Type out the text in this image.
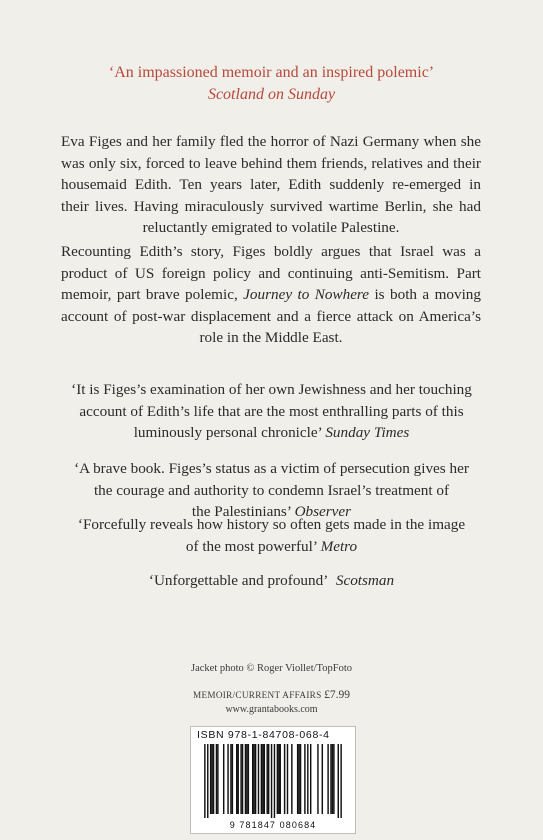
‘An impassioned memoir and an inspired polemic’
Scotland on Sunday
Eva Figes and her family fled the horror of Nazi Germany when she
was only six, forced to leave behind them friends, relatives and their
housemaid Edith. Ten years later, Edith suddenly re-emerged in
their lives. Having miraculously survived wartime Berlin, she had
reluctantly emigrated to volatile Palestine.
Recounting Edith’s story, Figes boldly argues that Israel was a
product of US foreign policy and continuing anti-Semitism. Part
memoir, part brave polemic, Journey to Nowhere is both a moving
account of post-war displacement and a fierce attack on America’s
role in the Middle East.
‘It is Figes’s examination of her own Jewishness and her touching
account of Edith’s life that are the most enthralling parts of this
luminously personal chronicle’ Sunday Times
‘A brave book. Figes’s status as a victim of persecution gives her
the courage and authority to condemn Israel’s treatment of
the Palestinians’ Observer
‘Forcefully reveals how history so often gets made in the image
of the most powerful’ Metro
‘Unforgettable and profound’ Scotsman
Jacket photo © Roger Viollet/TopFoto
MEMOIR/CURRENT AFFAIRS £7.99
www.grantabooks.com
ISBN 978-1-84708-068-4
9 781847 080684
